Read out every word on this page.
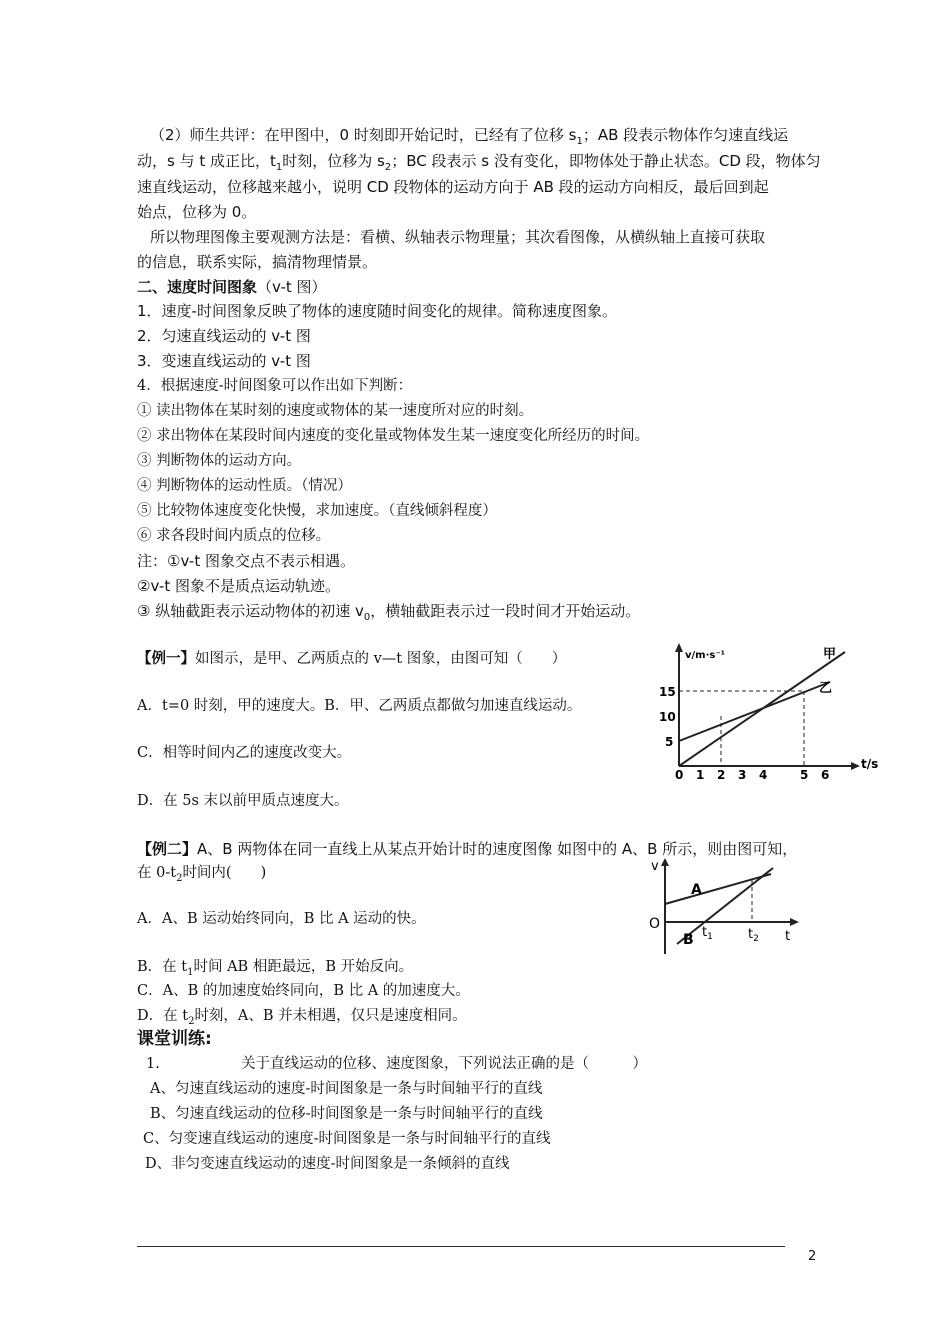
（2）师生共评：在甲图中，0 时刻即开始记时，已经有了位移 $s_1$；AB 段表示物体作匀速直线运
动，s 与 t 成正比，$t_1$时刻，位移为 $s_2$；BC 段表示 s 没有变化，即物体处于静止状态。CD 段，物体匀
速直线运动，位移越来越小，说明 CD 段物体的运动方向于 AB 段的运动方向相反，最后回到起
始点，位移为 0。
所以物理图像主要观测方法是：看横、纵轴表示物理量；其次看图像，从横纵轴上直接可获取
的信息，联系实际，搞清物理情景。
二、速度时间图象（v-t 图）
1．速度-时间图象反映了物体的速度随时间变化的规律。简称速度图象。
2．匀速直线运动的 v-t 图
3．变速直线运动的 v-t 图
4．根据速度-时间图象可以作出如下判断：
① 读出物体在某时刻的速度或物体的某一速度所对应的时刻。
② 求出物体在某段时间内速度的变化量或物体发生某一速度变化所经历的时间。
③ 判断物体的运动方向。
④ 判断物体的运动性质。（情况）
⑤ 比较物体速度变化快慢，求加速度。（直线倾斜程度）
⑥ 求各段时间内质点的位移。
注：①v-t 图象交点不表示相遇。
②v-t 图象不是质点运动轨迹。
③ 纵轴截距表示运动物体的初速 $v_0$，横轴截距表示过一段时间才开始运动。
【例一】如图示，是甲、乙两质点的 v—t 图象，由图可知（　　）
A．t=0 时刻，甲的速度大。B．甲、乙两质点都做匀加速直线运动。
C．相等时间内乙的速度改变大。
D．在 5s 末以前甲质点速度大。
v/m·s⁻¹
t/s
甲
乙
15
10
5
0 1 2 3 4	5 6
【例二】A、B 两物体在同一直线上从某点开始计时的速度图像 如图中的 A、B 所示，则由图可知，
在 $0-t_2$时间内(　　)
A．A、B 运动始终同向，B 比 A 运动的快。
B．在 $t_1$时间 AB 相距最远，B 开始反向。
C．A、B 的加速度始终同向，B 比 A 的加速度大。
D．在 $t_2$时刻，A、B 并未相遇，仅只是速度相同。
v
O
A
B $t_1$	$t_2$ t
课堂训练:
1.	关于直线运动的位移、速度图象，下列说法正确的是（　　　）
A、匀速直线运动的速度-时间图象是一条与时间轴平行的直线
B、匀速直线运动的位移-时间图象是一条与时间轴平行的直线
C、匀变速直线运动的速度-时间图象是一条与时间轴平行的直线
D、非匀变速直线运动的速度-时间图象是一条倾斜的直线
2
